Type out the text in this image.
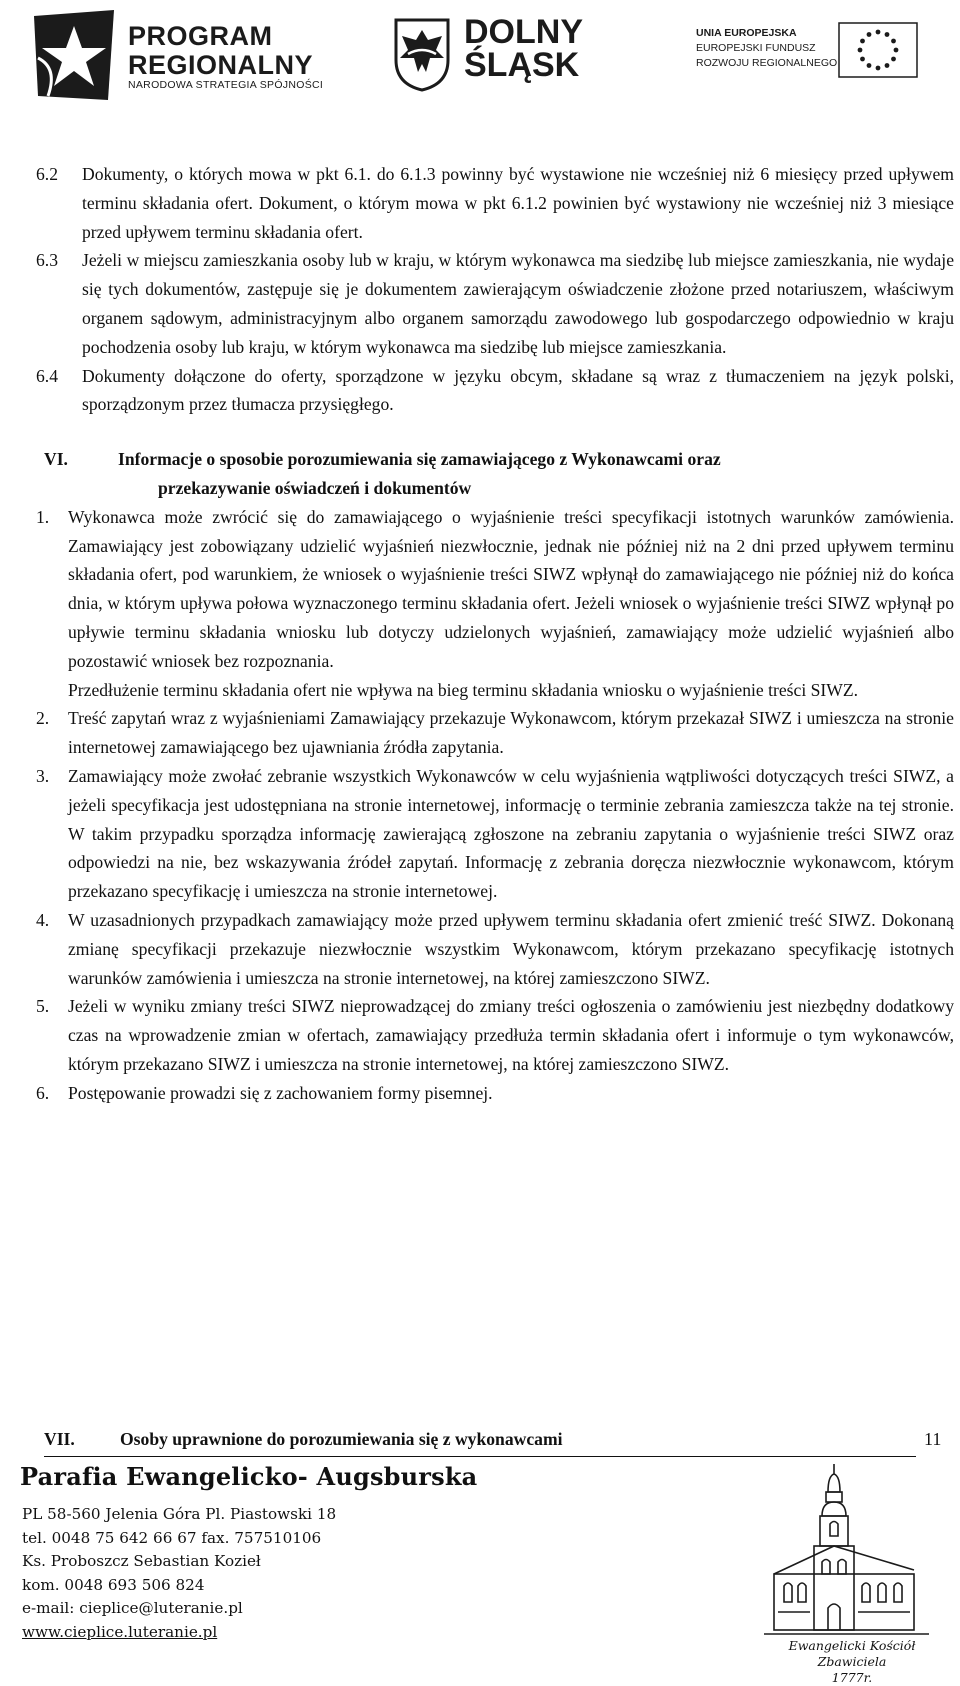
PROGRAM
REGIONALNY
NARODOWA STRATEGIA SPÓJNOŚCI
DOLNY
ŚLĄSK
UNIA EUROPEJSKA
EUROPEJSKI FUNDUSZ
ROZWOJU REGIONALNEGO
6.2 Dokumenty, o których mowa w pkt 6.1. do 6.1.3 powinny być wystawione nie wcześniej niż 6 miesięcy przed upływem terminu składania ofert. Dokument, o którym mowa w pkt 6.1.2 powinien być wystawiony nie wcześniej niż 3 miesiące przed upływem terminu składania ofert.

6.3 Jeżeli w miejscu zamieszkania osoby lub w kraju, w którym wykonawca ma siedzibę lub miejsce zamieszkania, nie wydaje się tych dokumentów, zastępuje się je dokumentem zawierającym oświadczenie złożone przed notariuszem, właściwym organem sądowym, administracyjnym albo organem samorządu zawodowego lub gospodarczego odpowiednio w kraju pochodzenia osoby lub kraju, w którym wykonawca ma siedzibę lub miejsce zamieszkania.

6.4 Dokumenty dołączone do oferty, sporządzone w języku obcym, składane są wraz z tłumaczeniem na język polski, sporządzonym przez tłumacza przysięgłego.

VI.	Informacje o sposobie porozumiewania się zamawiającego z Wykonawcami oraz
przekazywanie oświadczeń i dokumentów
1. Wykonawca może zwrócić się do zamawiającego o wyjaśnienie treści specyfikacji istotnych warunków zamówienia. Zamawiający jest zobowiązany udzielić wyjaśnień niezwłocznie, jednak nie później niż na 2 dni przed upływem terminu składania ofert, pod warunkiem, że wniosek o wyjaśnienie treści SIWZ wpłynął do zamawiającego nie później niż do końca dnia, w którym upływa połowa wyznaczonego terminu składania ofert. Jeżeli wniosek o wyjaśnienie treści SIWZ wpłynął po upływie terminu składania wniosku lub dotyczy udzielonych wyjaśnień, zamawiający może udzielić wyjaśnień albo pozostawić wniosek bez rozpoznania.

Przedłużenie terminu składania ofert nie wpływa na bieg terminu składania wniosku o wyjaśnienie treści SIWZ.

2. Treść zapytań wraz z wyjaśnieniami Zamawiający przekazuje Wykonawcom, którym przekazał SIWZ i umieszcza na stronie internetowej zamawiającego bez ujawniania źródła zapytania.

3. Zamawiający może zwołać zebranie wszystkich Wykonawców w celu wyjaśnienia wątpliwości dotyczących treści SIWZ, a jeżeli specyfikacja jest udostępniana na stronie internetowej, informację o terminie zebrania zamieszcza także na tej stronie. W takim przypadku sporządza informację zawierającą zgłoszone na zebraniu zapytania o wyjaśnienie treści SIWZ oraz odpowiedzi na nie, bez wskazywania źródeł zapytań. Informację z zebrania doręcza niezwłocznie wykonawcom, którym przekazano specyfikację i umieszcza na stronie internetowej.

4. W uzasadnionych przypadkach zamawiający może przed upływem terminu składania ofert zmienić treść SIWZ. Dokonaną zmianę specyfikacji przekazuje niezwłocznie wszystkim Wykonawcom, którym przekazano specyfikację istotnych warunków zamówienia i umieszcza na stronie internetowej, na której zamieszczono SIWZ.

5. Jeżeli w wyniku zmiany treści SIWZ nieprowadzącej do zmiany treści ogłoszenia o zamówieniu jest niezbędny dodatkowy czas na wprowadzenie zmian w ofertach, zamawiający przedłuża termin składania ofert i informuje o tym wykonawców, którym przekazano SIWZ i umieszcza na stronie internetowej, na której zamieszczono SIWZ.

6. Postępowanie prowadzi się z zachowaniem formy pisemnej.

VII.	Osoby uprawnione do porozumiewania się z wykonawcami	11
Parafia Ewangelicko- Augsburska
PL 58-560 Jelenia Góra Pl. Piastowski 18
tel. 0048 75 642 66 67 fax. 757510106
Ks. Proboszcz Sebastian Kozieł
kom. 0048 693 506 824
e-mail: cieplice@luteranie.pl
www.cieplice.luteranie.pl
Ewangelicki Kościół Zbawiciela
1777r.
